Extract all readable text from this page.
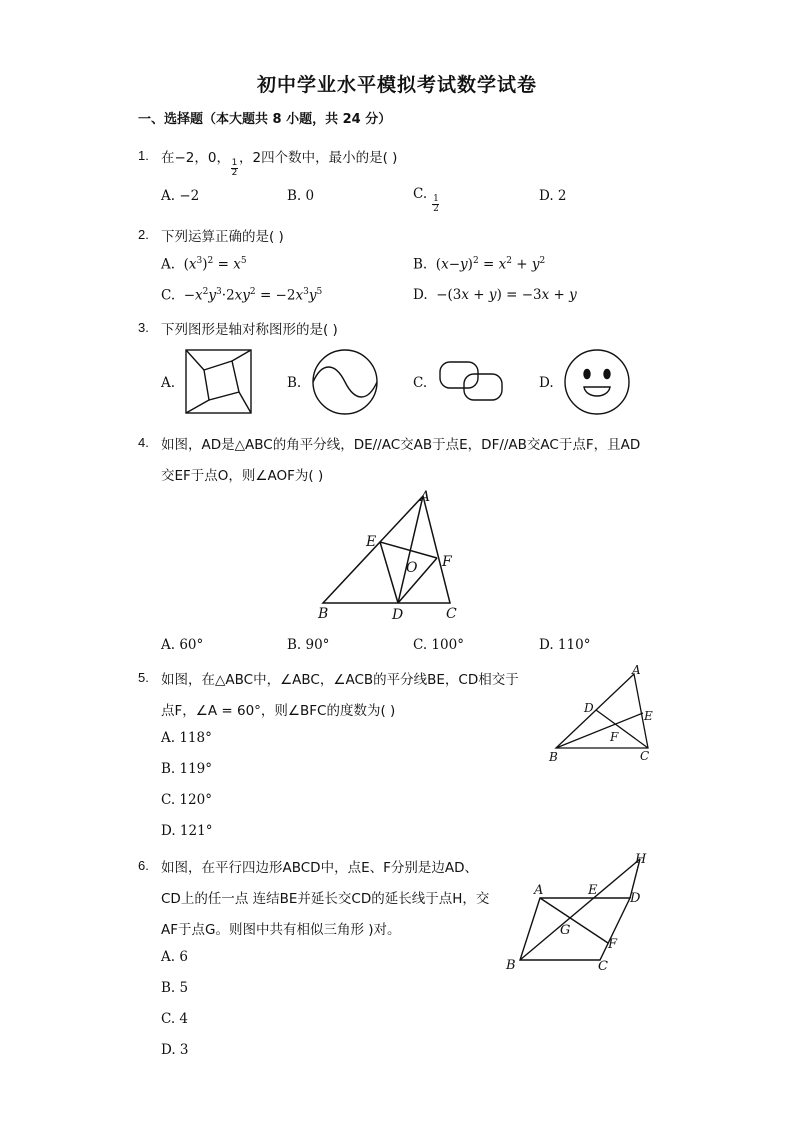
初中学业水平模拟考试数学试卷
一、选择题（本大题共 8 小题，共 24 分）
1. 在−2，0，
$\frac{1}{2}$
，2四个数中，最小的是( )
A. −2	B. 0	C.
$\frac{1}{2}$	D. 2
2. 下列运算正确的是( )
A.  $(x^3)^2 = x^5$	B.  $(x-y)^2 = x^2 + y^2$
C.  $-x^2y^3\cdot 2xy^2 = -2x^3y^5$	D.  −(3x + y) = −3x + y
3. 下列图形是轴对称图形的是( )
A.	B.	C.	D.
4. 如图，AD是△ABC的角平分线，DE//AC交AB于点E，DF//AB交AC于点F，且AD
交EF于点O，则∠AOF为( )
A
B	C
D
E
F
O
A. 60°	B. 90°	C. 100°	D. 110°
5. 如图，在△ABC中，∠ABC，∠ACB的平分线BE，CD相交于
点F，∠A = 60°，则∠BFC的度数为( )
A
B	C
D
E
F
A. 118°
B. 119°
C. 120°
D. 121°
6. 如图，在平行四边形ABCD中，点E、F分别是边AD、
CD上的任一点 连结BE并延长交CD的延长线于点H，交
AF于点G。则图中共有相似三角形 )对。
A
B	C
D
E
F
G
H
A. 6
B. 5
C. 4
D. 3
